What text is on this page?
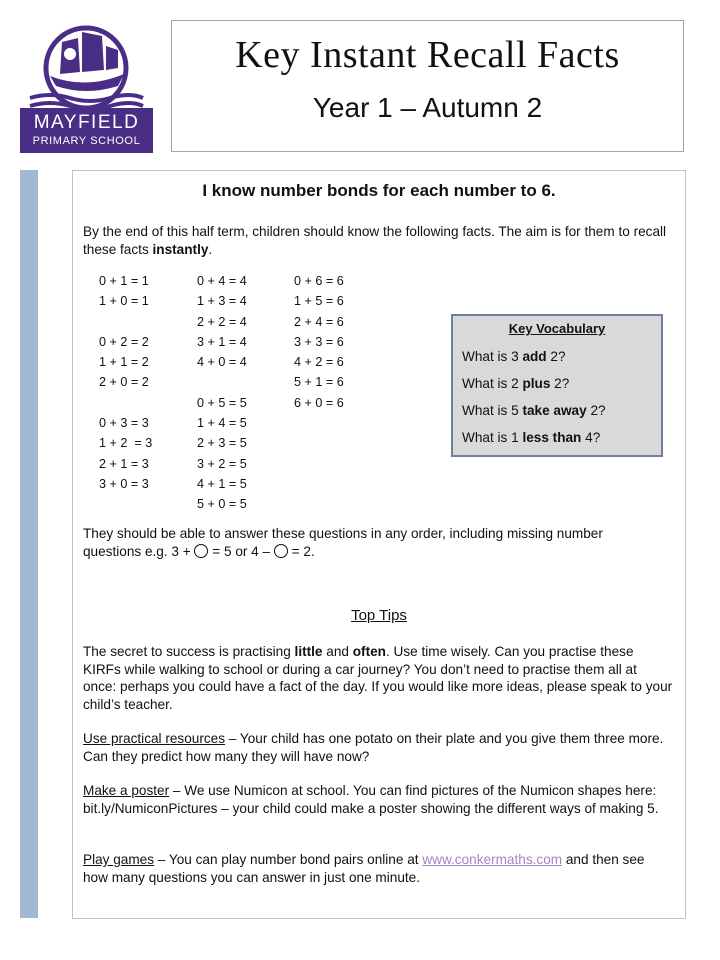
MAYFIELD
PRIMARY SCHOOL
Key Instant Recall Facts
Year 1 – Autumn 2
I know number bonds for each number to 6.
By the end of this half term, children should know the following facts. The aim is for them to recall these facts instantly.
0 + 1 = 1
1 + 0 = 1
0 + 2 = 2
1 + 1 = 2
2 + 0 = 2
0 + 3 = 3
1 + 2  = 3
2 + 1 = 3
3 + 0 = 3
0 + 4 = 4
1 + 3 = 4
2 + 2 = 4
3 + 1 = 4
4 + 0 = 4
0 + 5 = 5
1 + 4 = 5
2 + 3 = 5
3 + 2 = 5
4 + 1 = 5
5 + 0 = 5
0 + 6 = 6
1 + 5 = 6
2 + 4 = 6
3 + 3 = 6
4 + 2 = 6
5 + 1 = 6
6 + 0 = 6
Key Vocabulary
What is 3 add 2?
What is 2 plus 2?
What is 5 take away 2?
What is 1 less than 4?
They should be able to answer these questions in any order, including missing number
questions e.g. 3 +  = 5 or 4 –  = 2.
Top Tips
The secret to success is practising little and often. Use time wisely. Can you practise these KIRFs while walking to school or during a car journey? You don’t need to practise them all at once: perhaps you could have a fact of the day. If you would like more ideas, please speak to your child’s teacher.
Use practical resources – Your child has one potato on their plate and you give them three more. Can they predict how many they will have now?
Make a poster – We use Numicon at school. You can find pictures of the Numicon shapes here: bit.ly/NumiconPictures – your child could make a poster showing the different ways of making 5.
Play games – You can play number bond pairs online at www.conkermaths.com and then see how many questions you can answer in just one minute.
